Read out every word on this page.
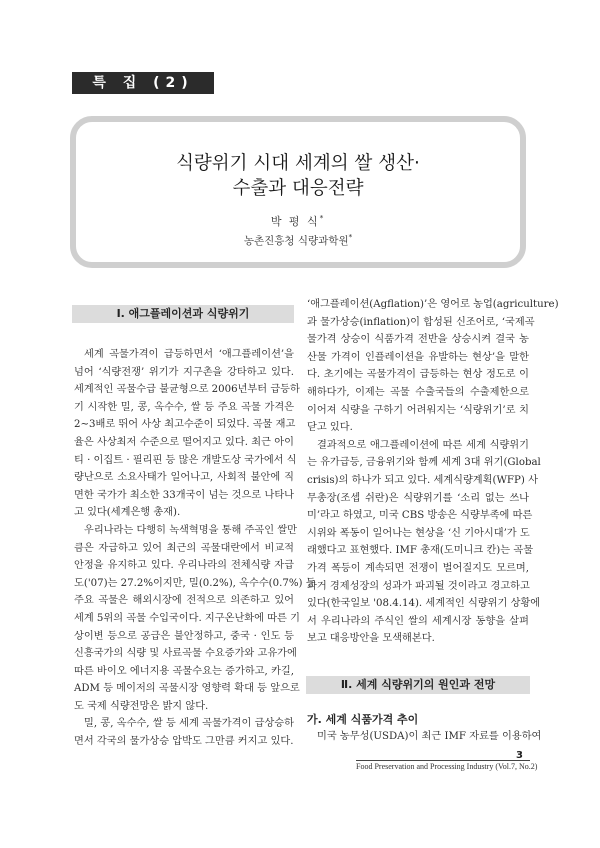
특 집 (2)
식량위기 시대 세계의 쌀 생산·
수출과 대응전략
박 평 식*
농촌진흥청 식량과학원*
Ⅰ. 애그플레이션과 식량위기

세계 곡물가격이 급등하면서 ‘애그플레이션’을

넘어 ‘식량전쟁’ 위기가 지구촌을 강타하고 있다.

세계적인 곡물수급 불균형으로 2006년부터 급등하

기 시작한 밀, 콩, 옥수수, 쌀 등 주요 곡물 가격은

2∼3배로 뛰어 사상 최고수준이 되었다. 곡물 재고

율은 사상최저 수준으로 떨어지고 있다. 최근 아이

티 · 이집트 · 필리핀 등 많은 개발도상 국가에서 식

량난으로 소요사태가 일어나고, 사회적 불안에 직

면한 국가가 최소한 33개국이 넘는 것으로 나타나

고 있다(세계은행 총재).

우리나라는 다행히 녹색혁명을 통해 주곡인 쌀만

큼은 자급하고 있어 최근의 곡물대란에서 비교적

안정을 유지하고 있다. 우리나라의 전체식량 자급

도('07)는 27.2%이지만, 밀(0.2%), 옥수수(0.7%) 등

주요 곡물은 해외시장에 전적으로 의존하고 있어

세계 5위의 곡물 수입국이다. 지구온난화에 따른 기

상이변 등으로 공급은 불안정하고, 중국 · 인도 등

신흥국가의 식량 및 사료곡물 수요증가와 고유가에

따른 바이오 에너지용 곡물수요는 증가하고, 카길,

ADM 등 메이저의 곡물시장 영향력 확대 등 앞으로

도 국제 식량전망은 밝지 않다.

밀, 콩, 옥수수, 쌀 등 세계 곡물가격이 급상승하

면서 각국의 물가상승 압박도 그만큼 커지고 있다.

‘애그플레이션(Agflation)’은 영어로 농업(agriculture)

과 물가상승(inflation)이 합성된 신조어로, ‘국제곡

물가격 상승이 식품가격 전반을 상승시켜 결국 농

산물 가격이 인플레이션을 유발하는 현상’을 말한

다. 초기에는 곡물가격이 급등하는 현상 정도로 이

해하다가, 이제는 곡물 수출국들의 수출제한으로

이어져 식량을 구하기 어려워지는 ‘식량위기’로 치

닫고 있다.

결과적으로 애그플레이션에 따른 세계 식량위기

는 유가급등, 금융위기와 함께 세계 3대 위기(Global

crisis)의 하나가 되고 있다. 세계식량계획(WFP) 사

무총장(조셉 쉬란)은 식량위기를 ‘소리 없는 쓰나

미’라고 하였고, 미국 CBS 방송은 식량부족에 따른

시위와 폭동이 일어나는 현상을 ‘신 기아시대’가 도

래했다고 표현했다. IMF 총재(도미니크 칸)는 곡물

가격 폭등이 계속되면 전쟁이 벌어질지도 모르며,

과거 경제성장의 성과가 파괴될 것이라고 경고하고

있다(한국일보 '08.4.14). 세계적인 식량위기 상황에

서 우리나라의 주식인 쌀의 세계시장 동향을 살펴

보고 대응방안을 모색해본다.

Ⅱ. 세계 식량위기의 원인과 전망
가. 세계 식품가격 추이

미국 농무성(USDA)이 최근 IMF 자료를 이용하여

3
Food Preservation and Processing Industry (Vol.7, No.2)
